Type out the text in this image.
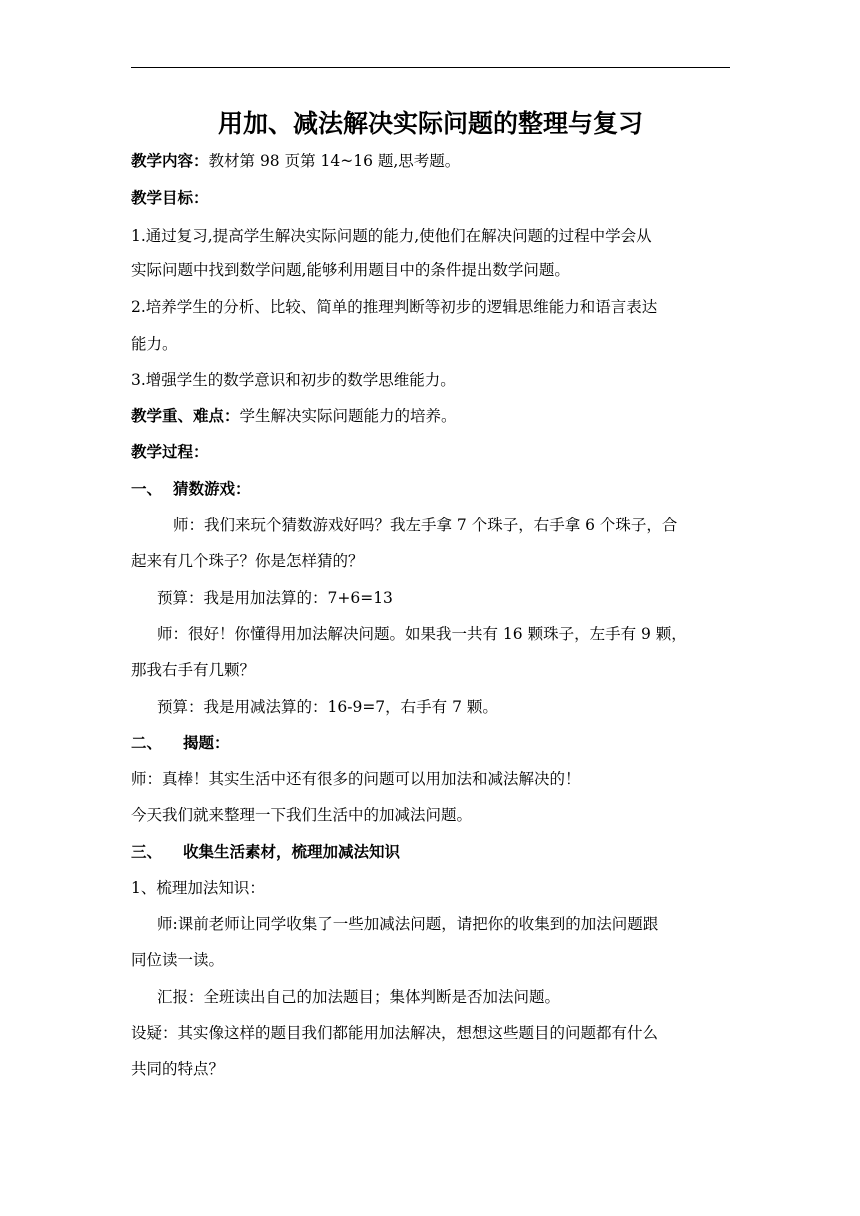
用加、减法解决实际问题的整理与复习
教学内容：教材第 98 页第 14~16 题,思考题。
教学目标：
1.通过复习,提高学生解决实际问题的能力,使他们在解决问题的过程中学会从
实际问题中找到数学问题,能够利用题目中的条件提出数学问题。
2.培养学生的分析、比较、简单的推理判断等初步的逻辑思维能力和语言表达
能力。
3.增强学生的数学意识和初步的数学思维能力。
教学重、难点：学生解决实际问题能力的培养。
教学过程：
一、 猜数游戏：
师：我们来玩个猜数游戏好吗？我左手拿 7 个珠子，右手拿 6 个珠子，合
起来有几个珠子？你是怎样猜的？
预算：我是用加法算的：7+6=13
师：很好！你懂得用加法解决问题。如果我一共有 16 颗珠子，左手有 9 颗，
那我右手有几颗？
预算：我是用减法算的：16-9=7，右手有 7 颗。
二、 揭题：
师：真棒！其实生活中还有很多的问题可以用加法和减法解决的！
今天我们就来整理一下我们生活中的加减法问题。
三、 收集生活素材，梳理加减法知识
1、梳理加法知识：
师:课前老师让同学收集了一些加减法问题，请把你的收集到的加法问题跟
同位读一读。
汇报：全班读出自己的加法题目；集体判断是否加法问题。
设疑：其实像这样的题目我们都能用加法解决，想想这些题目的问题都有什么
共同的特点？
